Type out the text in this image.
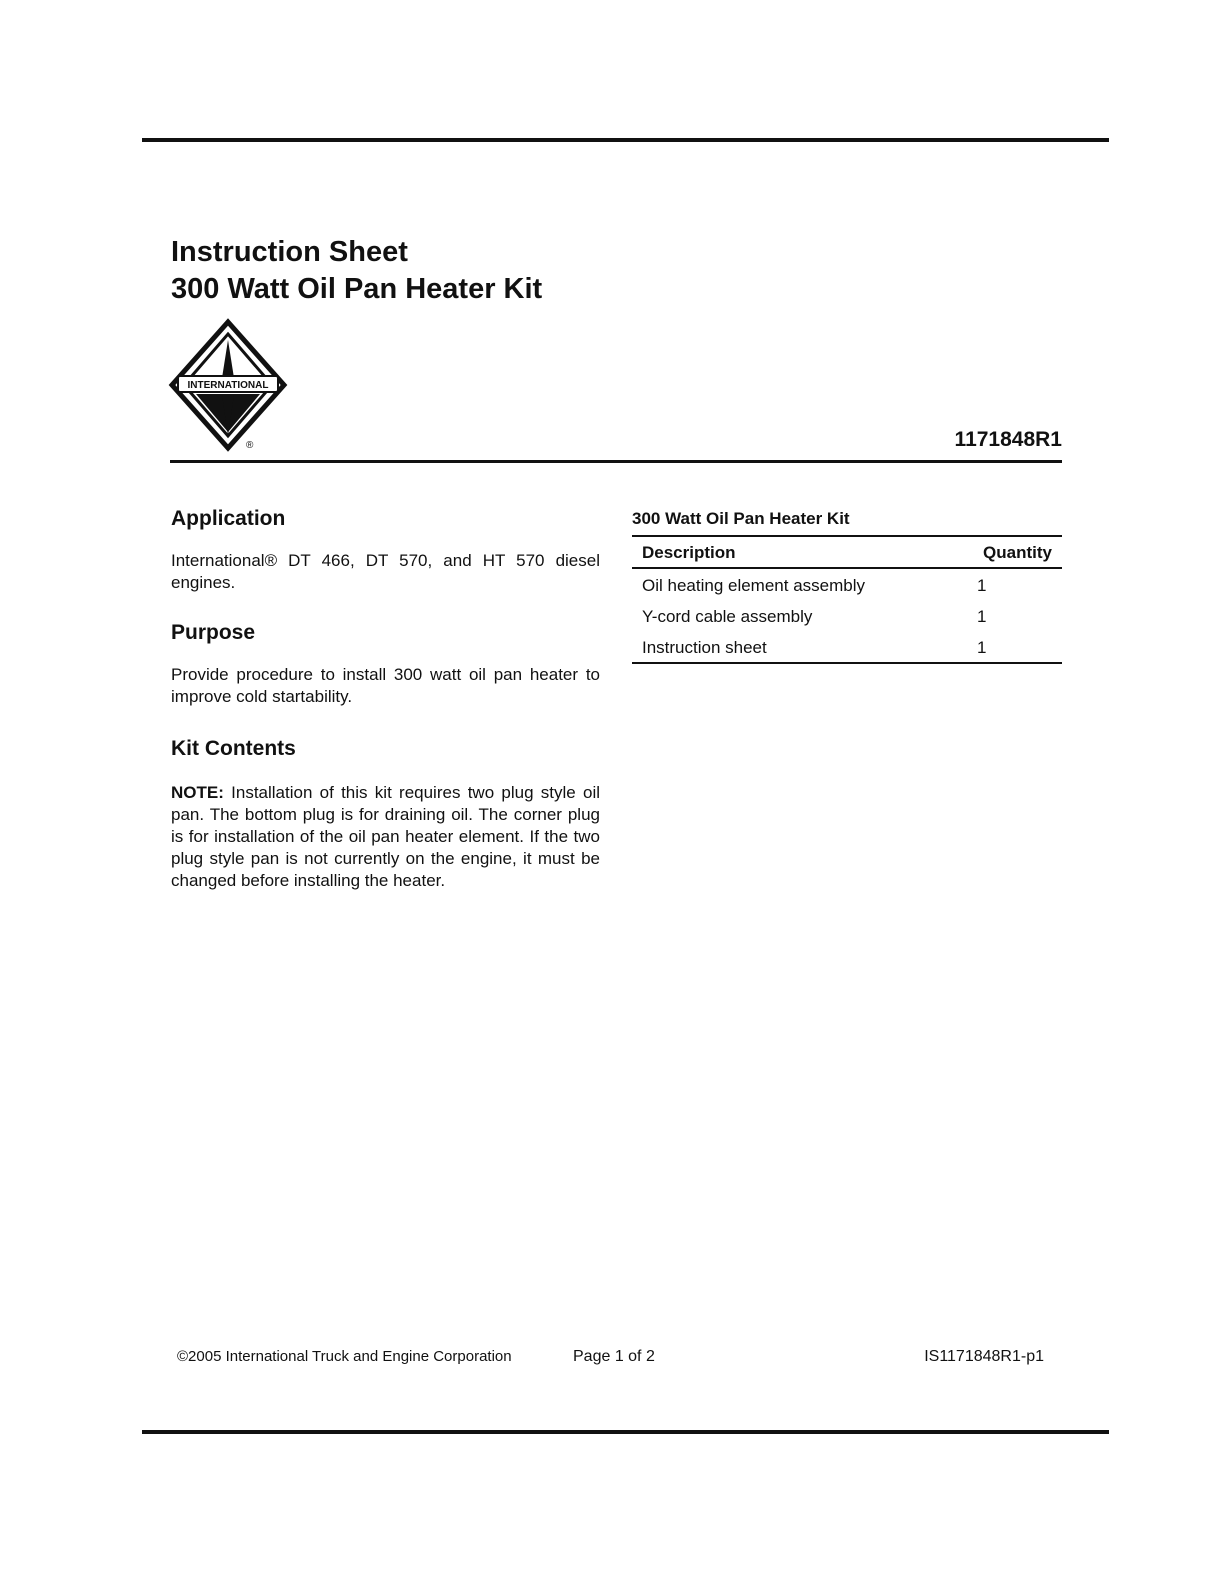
Instruction Sheet
300 Watt Oil Pan Heater Kit
INTERNATIONAL
®	1171848R1
Application

International® DT 466, DT 570, and HT 570 diesel engines.

Purpose

Provide procedure to install 300 watt oil pan heater to improve cold startability.

Kit Contents

NOTE: Installation of this kit requires two plug style oil pan. The bottom plug is for draining oil. The corner plug is for installation of the oil pan heater element. If the two plug style pan is not currently on the engine, it must be changed before installing the heater.

300 Watt Oil Pan Heater Kit
Description	Quantity
Oil heating element assembly	1
Y-cord cable assembly	1
Instruction sheet	1
©2005 International Truck and Engine Corporation	Page 1 of 2	IS1171848R1-p1
